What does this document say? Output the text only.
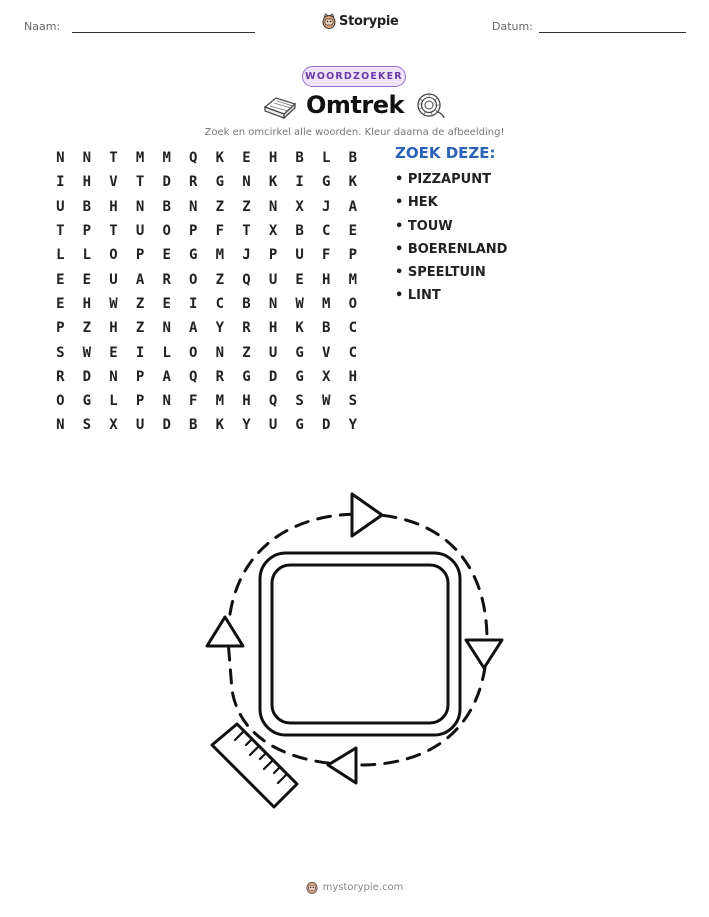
Naam:	Storypie	Datum:
WOORDZOEKER
Omtrek
Zoek en omcirkel alle woorden. Kleur daarna de afbeelding!
N	N	T	M	M	Q	K	E	H	B	L	B
I	H	V	T	D	R	G	N	K	I	G	K
U	B	H	N	B	N	Z	Z	N	X	J	A
T	P	T	U	O	P	F	T	X	B	C	E
L	L	O	P	E	G	M	J	P	U	F	P
E	E	U	A	R	O	Z	Q	U	E	H	M
E	H	W	Z	E	I	C	B	N	W	M	O
P	Z	H	Z	N	A	Y	R	H	K	B	C
S	W	E	I	L	O	N	Z	U	G	V	C
R	D	N	P	A	Q	R	G	D	G	X	H
O	G	L	P	N	F	M	H	Q	S	W	S
N	S	X	U	D	B	K	Y	U	G	D	Y
ZOEK DEZE:
• PIZZAPUNT
• HEK
• TOUW
• BOERENLAND
• SPEELTUIN
• LINT
mystorypie.com
